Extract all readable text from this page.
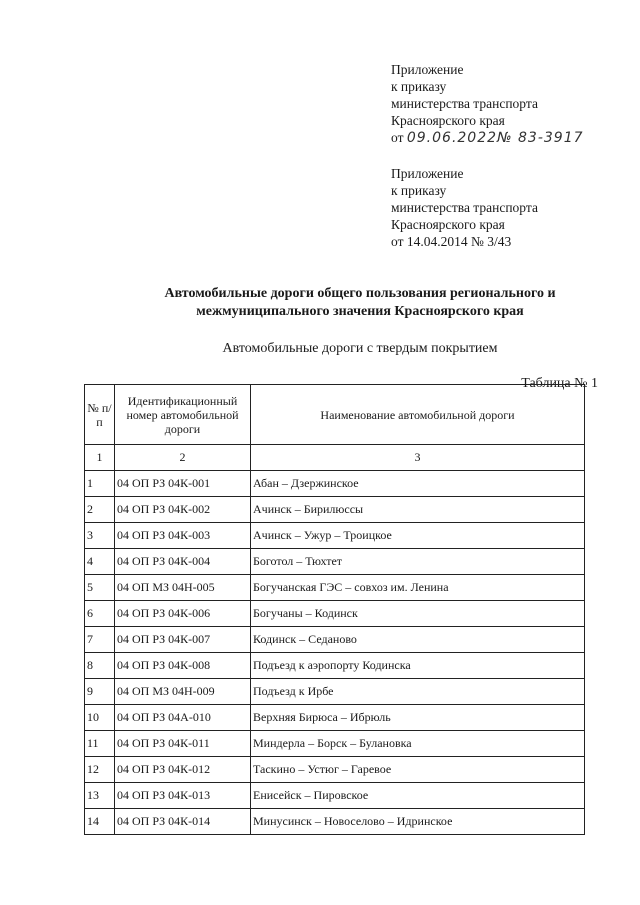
Приложение
к приказу
министерства транспорта
Красноярского края
от 09.06.2022№ 83-3917
Приложение
к приказу
министерства транспорта
Красноярского края
от 14.04.2014 № 3/43
Автомобильные дороги общего пользования регионального и
межмуниципального значения Красноярского края
Автомобильные дороги с твердым покрытием
Таблица № 1
№ п/п	Идентификационный номер автомобильной дороги	Наименование автомобильной дороги
1	2	3
1	04 ОП РЗ 04К-001	Абан – Дзержинское
2	04 ОП РЗ 04К-002	Ачинск – Бирилюссы
3	04 ОП РЗ 04К-003	Ачинск – Ужур – Троицкое
4	04 ОП РЗ 04К-004	Боготол – Тюхтет
5	04 ОП МЗ 04Н-005	Богучанская ГЭС – совхоз им. Ленина
6	04 ОП РЗ 04К-006	Богучаны – Кодинск
7	04 ОП РЗ 04К-007	Кодинск – Седаново
8	04 ОП РЗ 04К-008	Подъезд к аэропорту Кодинска
9	04 ОП МЗ 04Н-009	Подъезд к Ирбе
10	04 ОП РЗ 04А-010	Верхняя Бирюса – Ибрюль
11	04 ОП РЗ 04К-011	Миндерла – Борск – Булановка
12	04 ОП РЗ 04К-012	Таскино – Устюг – Гаревое
13	04 ОП РЗ 04К-013	Енисейск – Пировское
14	04 ОП РЗ 04К-014	Минусинск – Новоселово – Идринское
